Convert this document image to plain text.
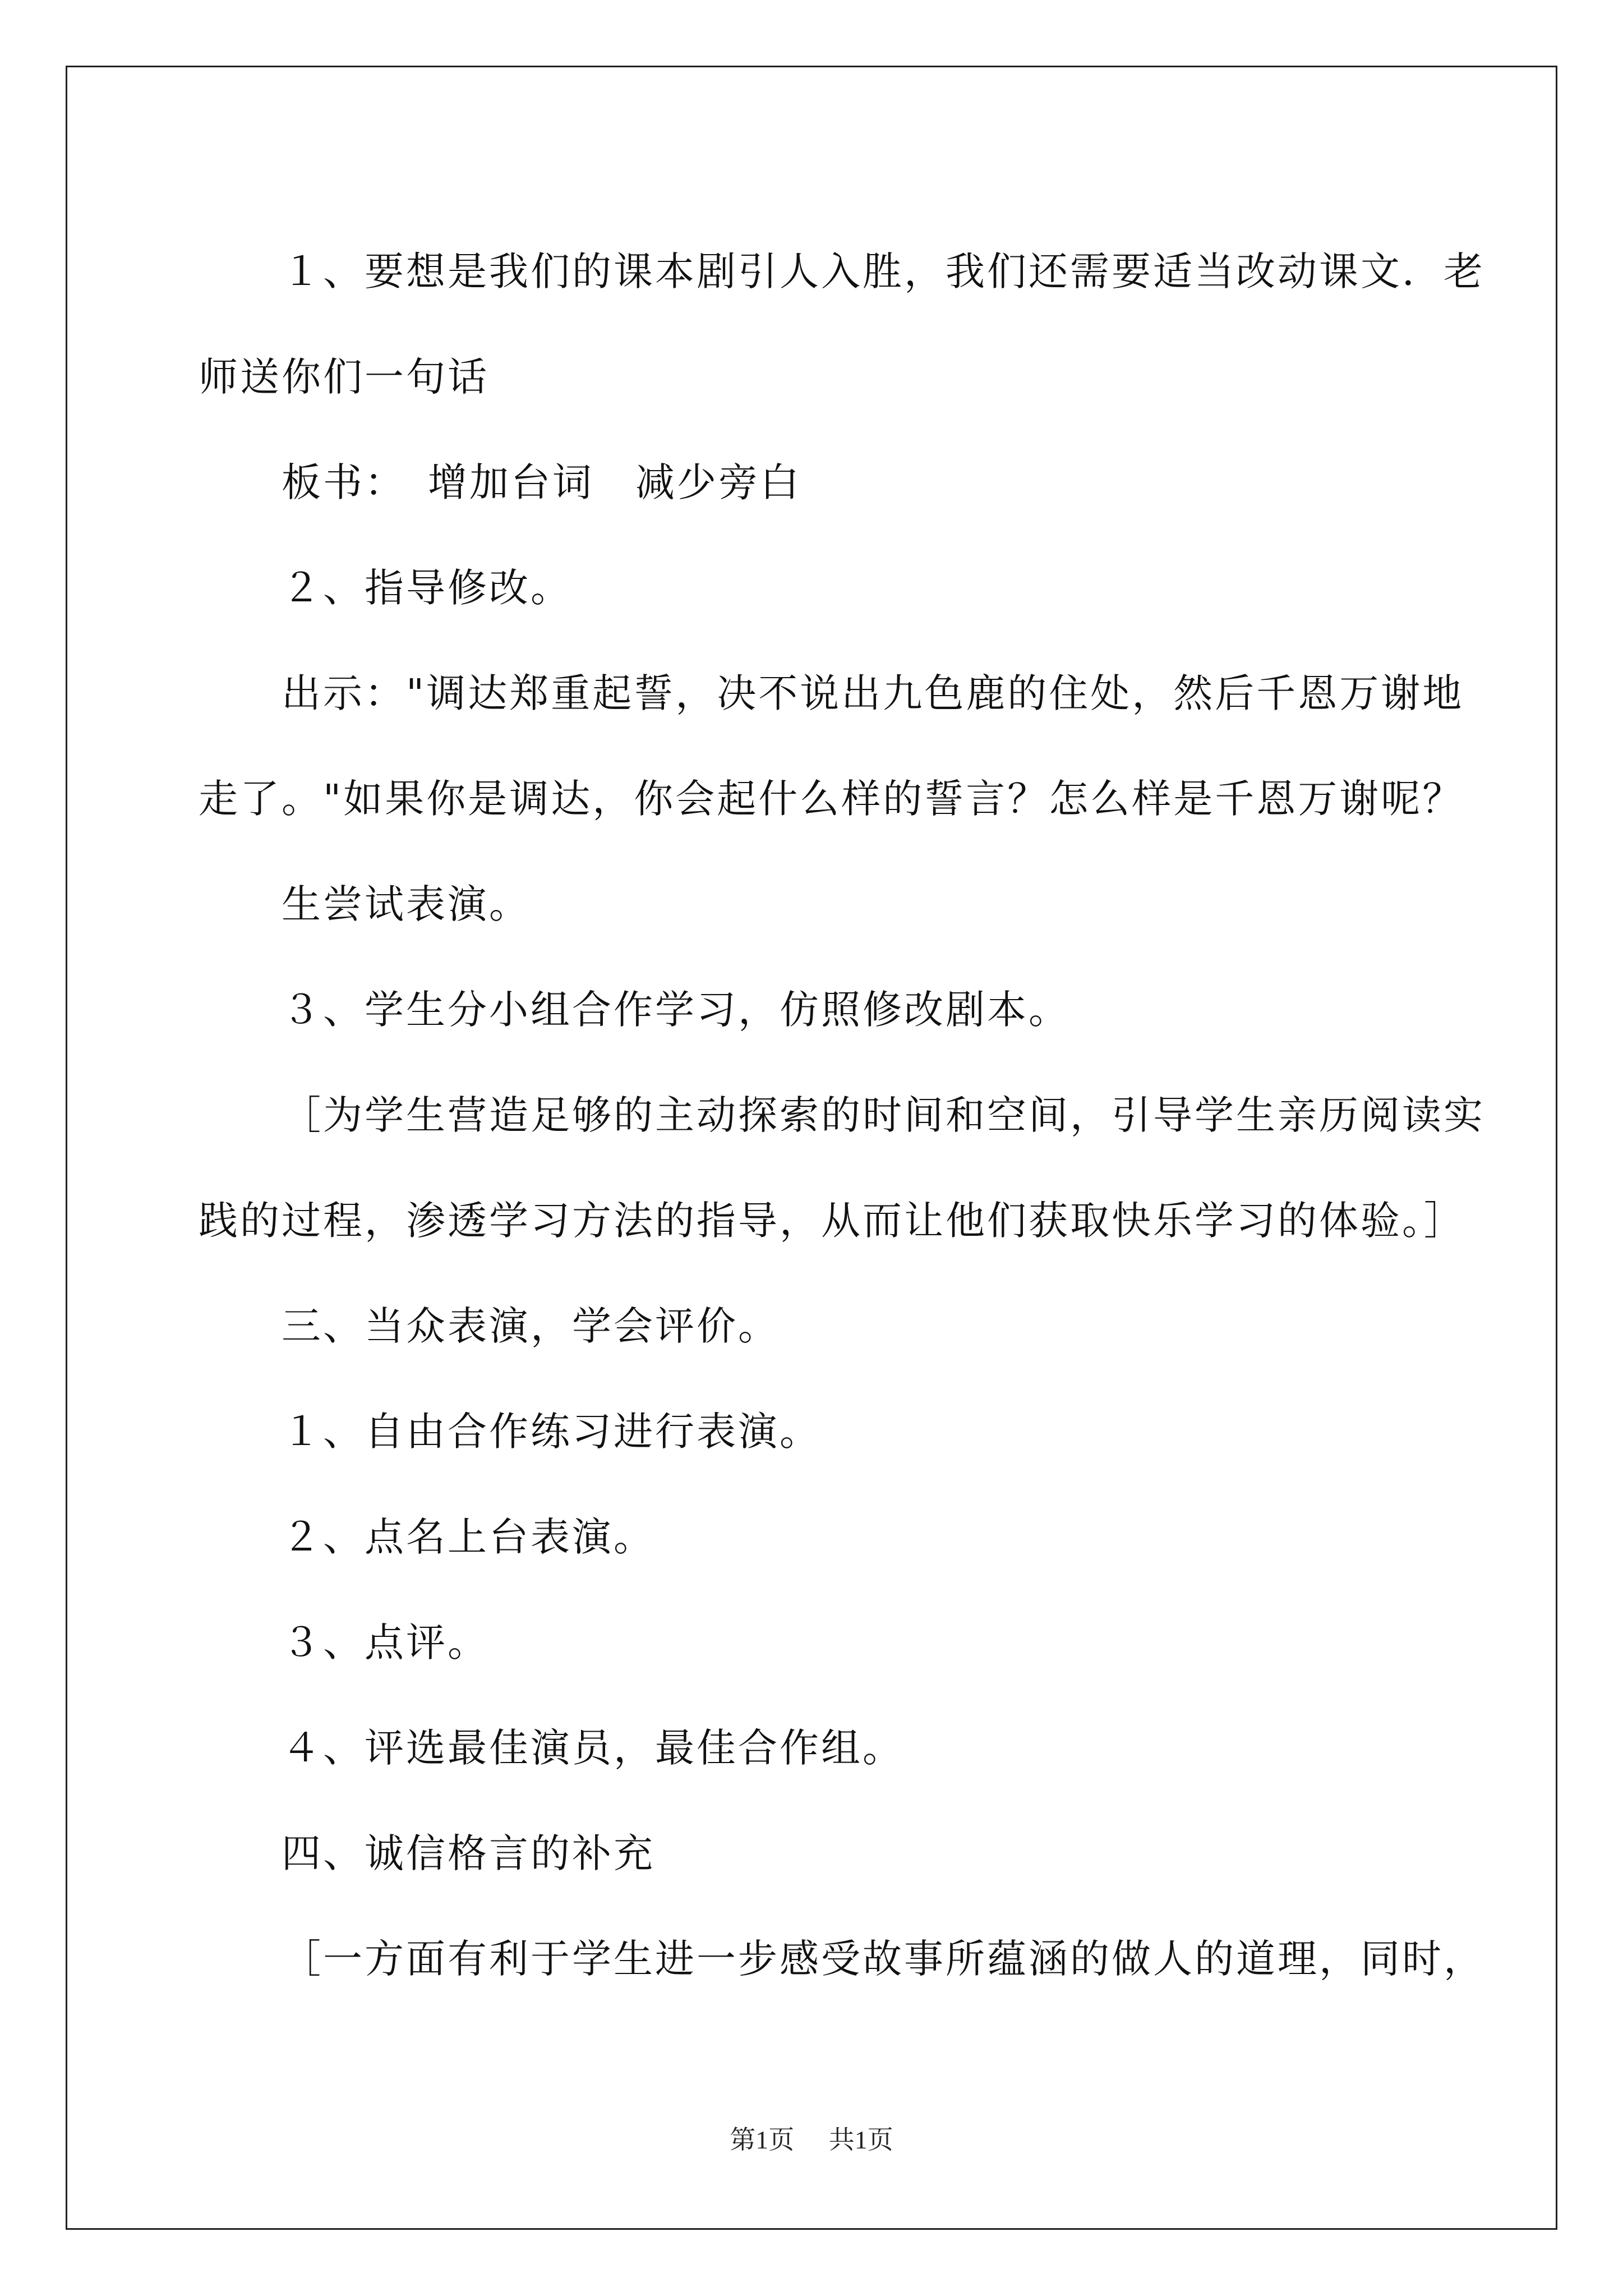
１、要想是我们的课本剧引人入胜，我们还需要适当改动课文．老

师送你们一句话

板书：　增加台词　减少旁白

２、指导修改。

出示："调达郑重起誓，决不说出九色鹿的住处，然后千恩万谢地

走了。"如果你是调达，你会起什么样的誓言？怎么样是千恩万谢呢？

生尝试表演。

３、学生分小组合作学习，仿照修改剧本。

［为学生营造足够的主动探索的时间和空间，引导学生亲历阅读实

践的过程，渗透学习方法的指导，从而让他们获取快乐学习的体验。］

三、当众表演，学会评价。

１、自由合作练习进行表演。

２、点名上台表演。

３、点评。

４、评选最佳演员，最佳合作组。

四、诚信格言的补充

［一方面有利于学生进一步感受故事所蕴涵的做人的道理，同时，

第1页 共1页
